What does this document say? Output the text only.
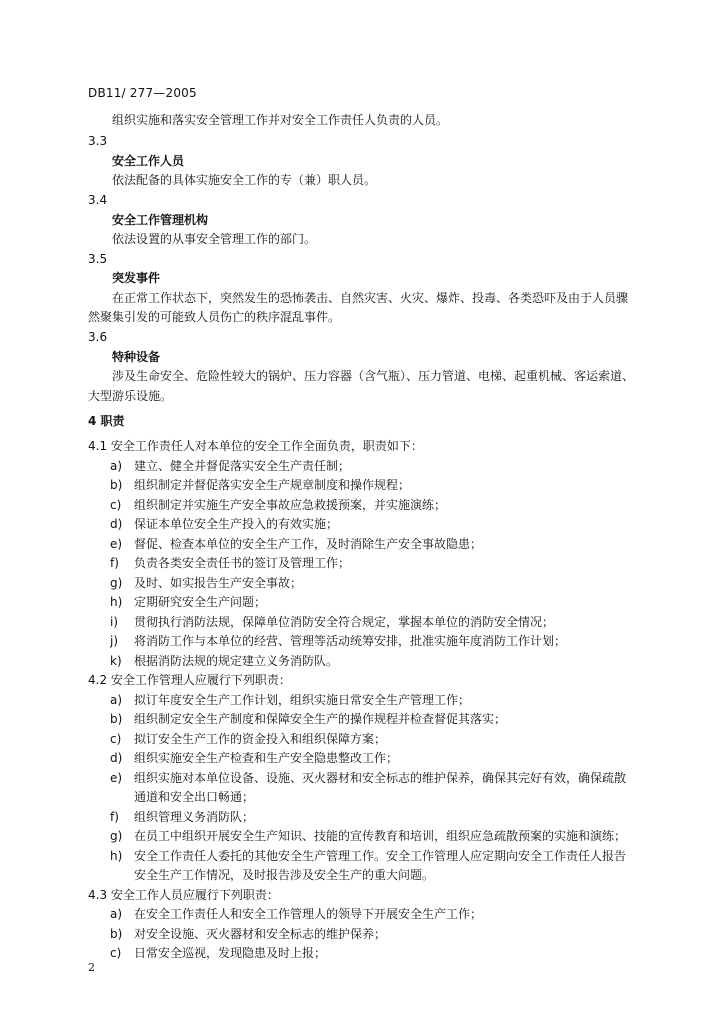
DB11/ 277—2005
组织实施和落实安全管理工作并对安全工作责任人负责的人员。
3.3
安全工作人员
依法配备的具体实施安全工作的专（兼）职人员。
3.4
安全工作管理机构
依法设置的从事安全管理工作的部门。
3.5
突发事件
在正常工作状态下，突然发生的恐怖袭击、自然灾害、火灾、爆炸、投毒、各类恐吓及由于人员骤
然聚集引发的可能致人员伤亡的秩序混乱事件。
3.6
特种设备
涉及生命安全、危险性较大的锅炉、压力容器（含气瓶）、压力管道、电梯、起重机械、客运索道、
大型游乐设施。
4 职责
4.1 安全工作责任人对本单位的安全工作全面负责，职责如下：
a) 建立、健全并督促落实安全生产责任制；
b) 组织制定并督促落实安全生产规章制度和操作规程；
c) 组织制定并实施生产安全事故应急救援预案，并实施演练；
d) 保证本单位安全生产投入的有效实施；
e) 督促、检查本单位的安全生产工作，及时消除生产安全事故隐患；
f) 负责各类安全责任书的签订及管理工作；
g) 及时、如实报告生产安全事故；
h) 定期研究安全生产问题；
i) 贯彻执行消防法规，保障单位消防安全符合规定，掌握本单位的消防安全情况；
j) 将消防工作与本单位的经营、管理等活动统筹安排，批准实施年度消防工作计划；
k) 根据消防法规的规定建立义务消防队。
4.2 安全工作管理人应履行下列职责：
a) 拟订年度安全生产工作计划，组织实施日常安全生产管理工作；
b) 组织制定安全生产制度和保障安全生产的操作规程并检查督促其落实；
c) 拟订安全生产工作的资金投入和组织保障方案；
d) 组织实施安全生产检查和生产安全隐患整改工作；
e) 组织实施对本单位设备、设施、灭火器材和安全标志的维护保养，确保其完好有效，确保疏散
通道和安全出口畅通；
f) 组织管理义务消防队；
g) 在员工中组织开展安全生产知识、技能的宣传教育和培训，组织应急疏散预案的实施和演练；
h) 安全工作责任人委托的其他安全生产管理工作。安全工作管理人应定期向安全工作责任人报告
安全生产工作情况，及时报告涉及安全生产的重大问题。
4.3 安全工作人员应履行下列职责：
a) 在安全工作责任人和安全工作管理人的领导下开展安全生产工作；
b) 对安全设施、灭火器材和安全标志的维护保养；
c) 日常安全巡视，发现隐患及时上报；
2
